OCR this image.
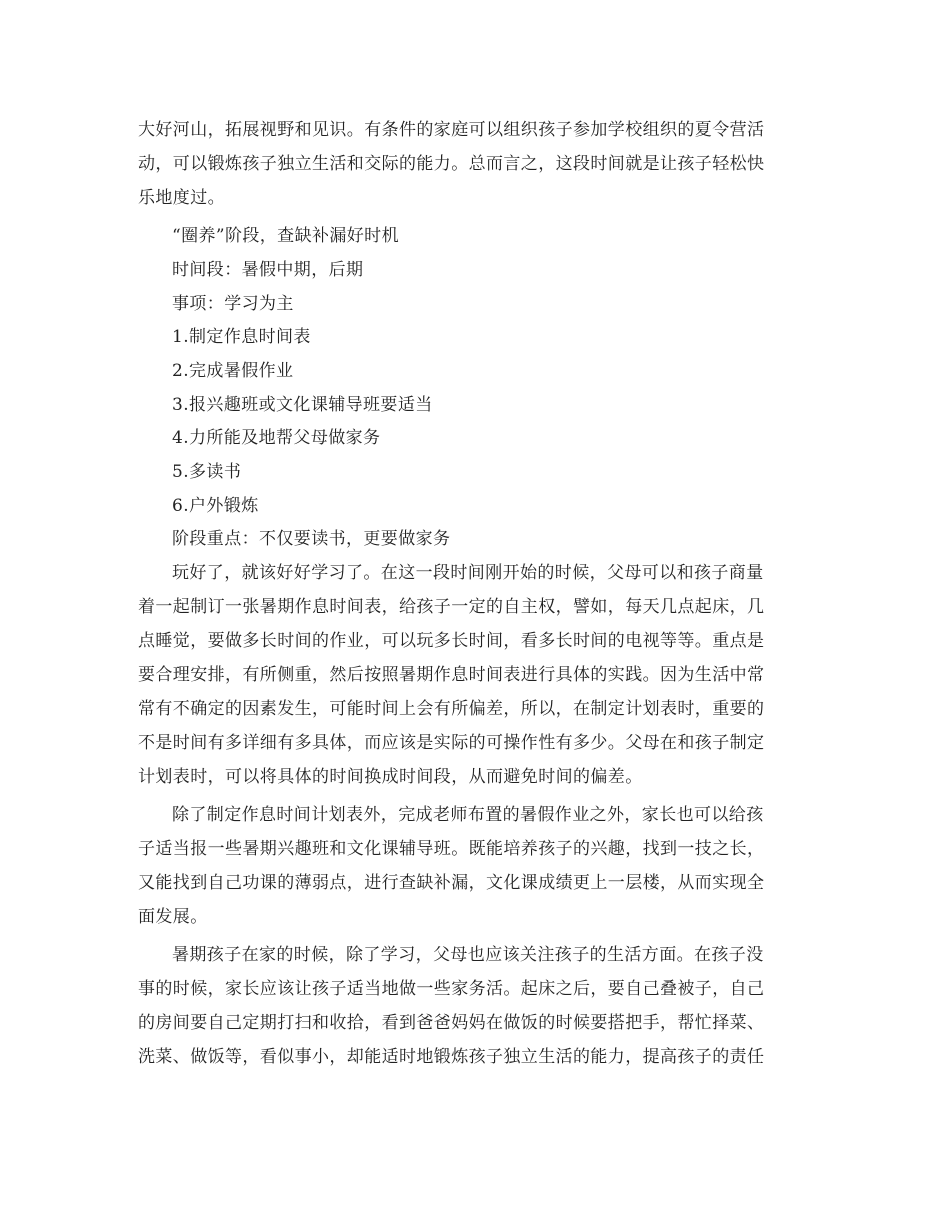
大好河山，拓展视野和见识。有条件的家庭可以组织孩子参加学校组织的夏令营活
动，可以锻炼孩子独立生活和交际的能力。总而言之，这段时间就是让孩子轻松快
乐地度过。
“圈养”阶段，查缺补漏好时机
时间段：暑假中期，后期
事项：学习为主
1.制定作息时间表
2.完成暑假作业
3.报兴趣班或文化课辅导班要适当
4.力所能及地帮父母做家务
5.多读书
6.户外锻炼
阶段重点：不仅要读书，更要做家务
玩好了，就该好好学习了。在这一段时间刚开始的时候，父母可以和孩子商量
着一起制订一张暑期作息时间表，给孩子一定的自主权，譬如，每天几点起床，几
点睡觉，要做多长时间的作业，可以玩多长时间，看多长时间的电视等等。重点是
要合理安排，有所侧重，然后按照暑期作息时间表进行具体的实践。因为生活中常
常有不确定的因素发生，可能时间上会有所偏差，所以，在制定计划表时，重要的
不是时间有多详细有多具体，而应该是实际的可操作性有多少。父母在和孩子制定
计划表时，可以将具体的时间换成时间段，从而避免时间的偏差。
除了制定作息时间计划表外，完成老师布置的暑假作业之外，家长也可以给孩
子适当报一些暑期兴趣班和文化课辅导班。既能培养孩子的兴趣，找到一技之长，
又能找到自己功课的薄弱点，进行查缺补漏，文化课成绩更上一层楼，从而实现全
面发展。
暑期孩子在家的时候，除了学习，父母也应该关注孩子的生活方面。在孩子没
事的时候，家长应该让孩子适当地做一些家务活。起床之后，要自己叠被子，自己
的房间要自己定期打扫和收拾，看到爸爸妈妈在做饭的时候要搭把手，帮忙择菜、
洗菜、做饭等，看似事小，却能适时地锻炼孩子独立生活的能力，提高孩子的责任
